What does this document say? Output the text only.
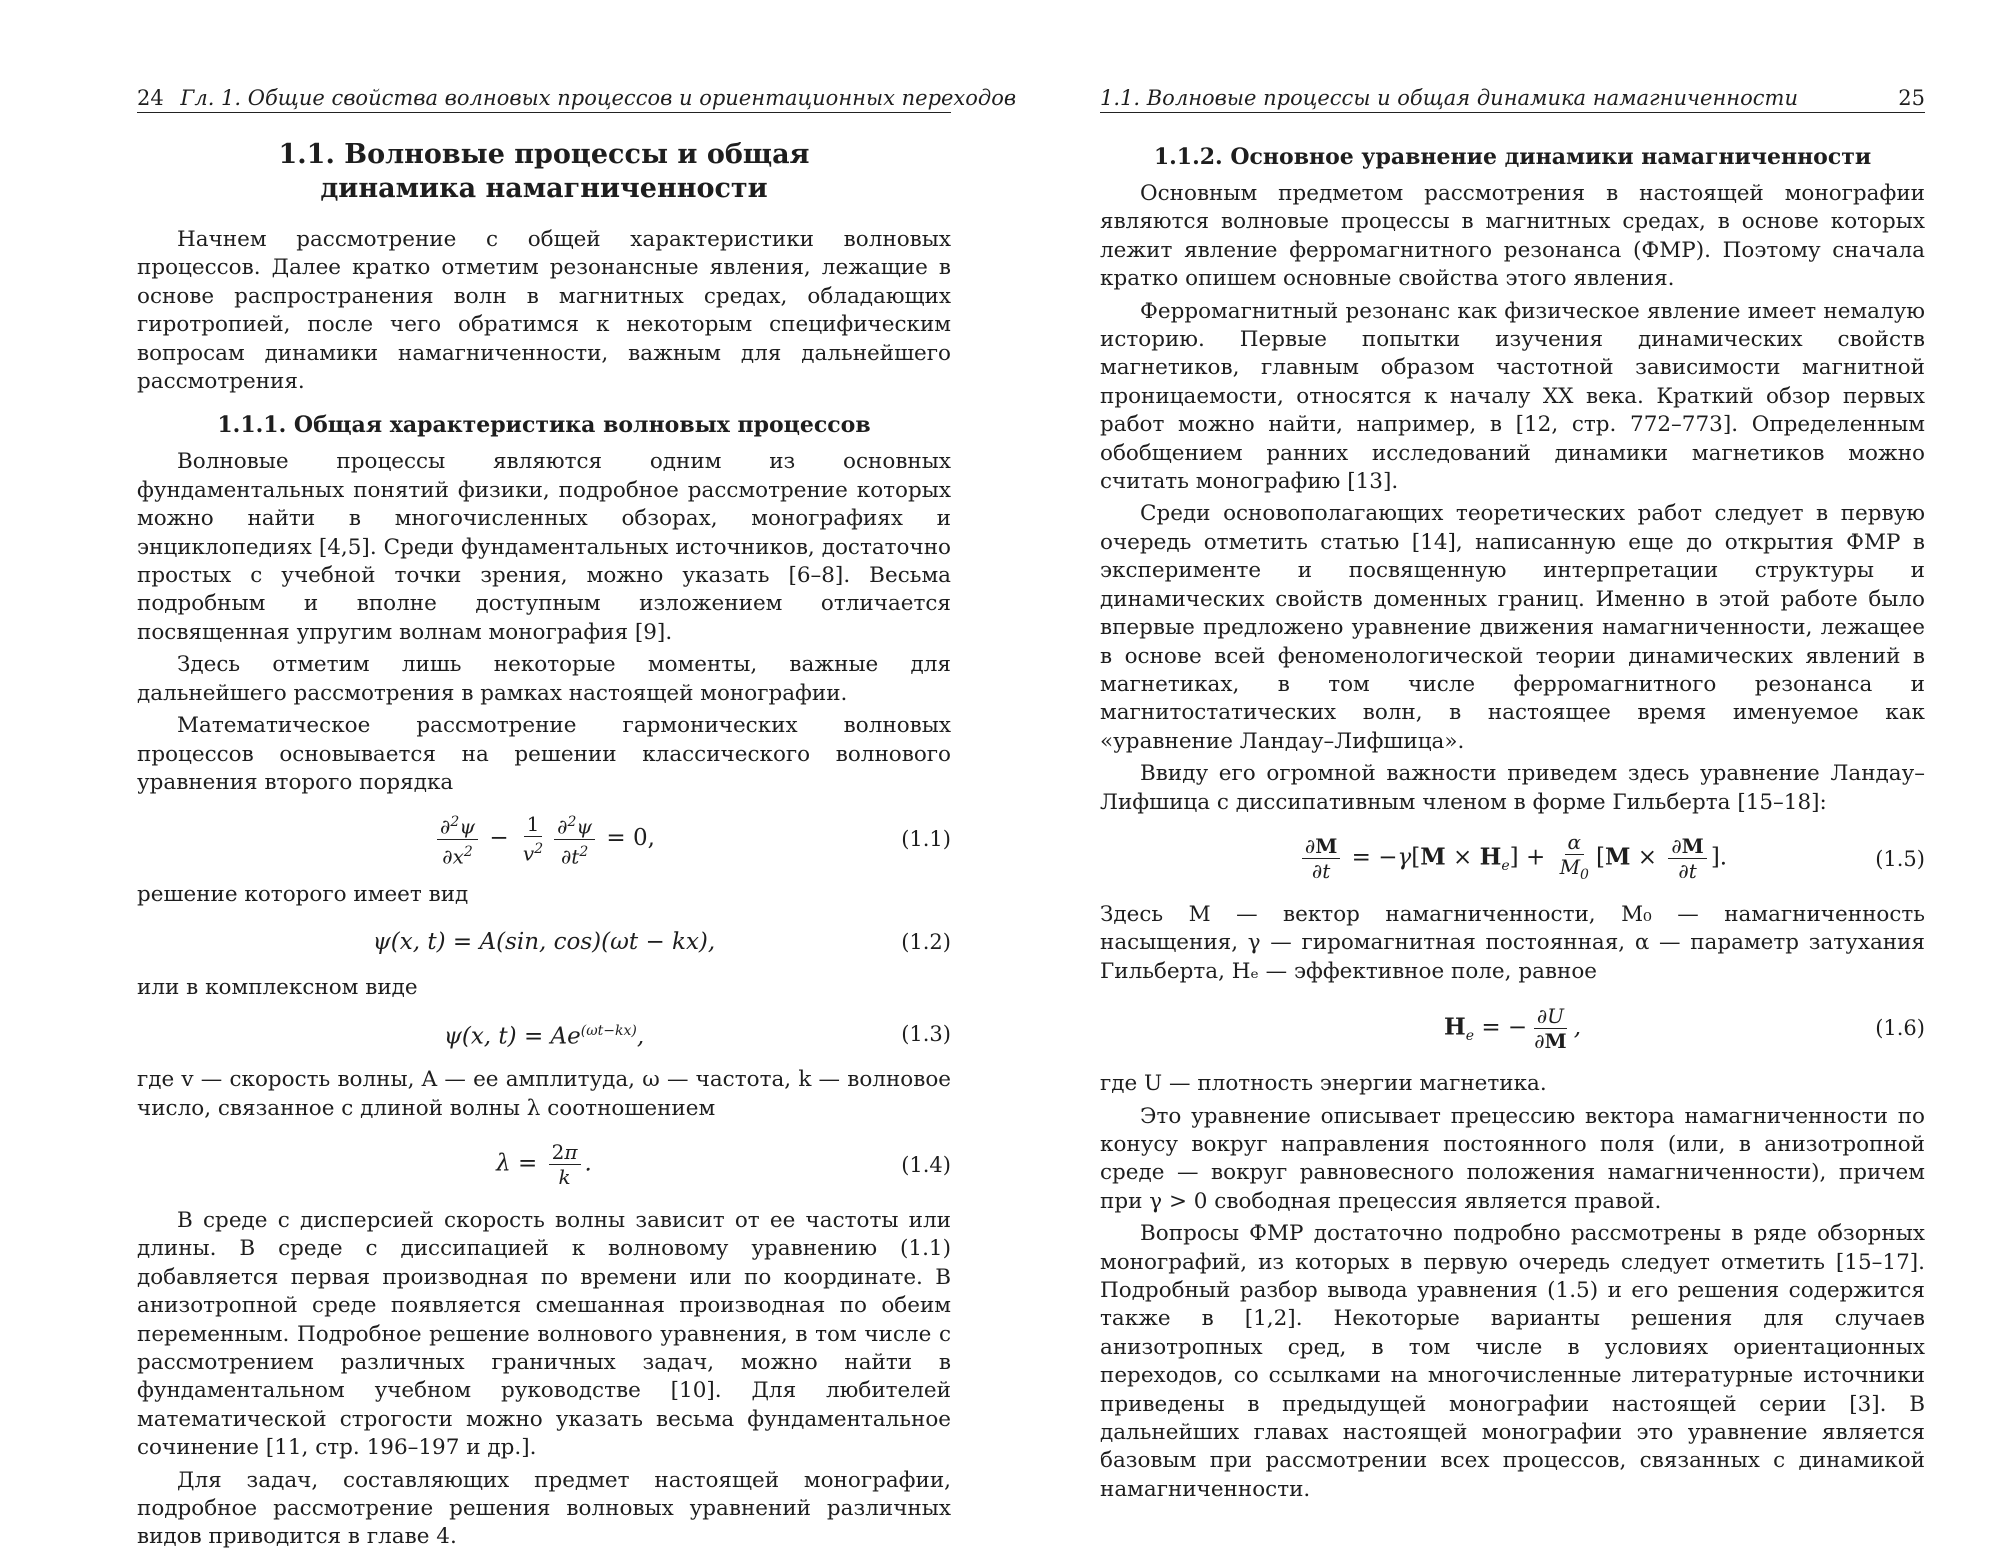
24 Гл. 1. Общие свойства волновых процессов и ориентационных переходов
1.1. Волновые процессы и общая динамика намагниченности

Начнем рассмотрение с общей характеристики волновых процессов. Далее кратко отметим резонансные явления, лежащие в основе распространения волн в магнитных средах, обладающих гиротропией, после чего обратимся к некоторым специфическим вопросам динамики намагниченности, важным для дальнейшего рассмотрения.

1.1.1. Общая характеристика волновых процессов

Волновые процессы являются одним из основных фундаментальных понятий физики, подробное рассмотрение которых можно найти в многочисленных обзорах, монографиях и энциклопедиях [4,5]. Среди фундаментальных источников, достаточно простых с учебной точки зрения, можно указать [6–8]. Весьма подробным и вполне доступным изложением отличается посвященная упругим волнам монография [9].

Здесь отметим лишь некоторые моменты, важные для дальнейшего рассмотрения в рамках настоящей монографии.

Математическое рассмотрение гармонических волновых процессов основывается на решении классического волнового уравнения второго порядка

$\frac{\partial^2\psi}{\partial x^2} - \frac{1}{v^2} \frac{\partial^2\psi}{\partial t^2} = 0$,	(1.1)

решение которого имеет вид

ψ(x, t) = A(sin, cos)(ωt − kx),	(1.2)

или в комплексном виде

ψ(x, $t) = Ae^{(\omega t-kx)}$,	(1.3)

где v — скорость волны, A — ее амплитуда, ω — частота, k — волновое число, связанное с длиной волны λ соотношением

$\lambda = \frac{2\pi}{k}$ .	(1.4)

В среде с дисперсией скорость волны зависит от ее частоты или длины. В среде с диссипацией к волновому уравнению (1.1) добавляется первая производная по времени или по координате. В анизотропной среде появляется смешанная производная по обеим переменным. Подробное решение волнового уравнения, в том числе с рассмотрением различных граничных задач, можно найти в фундаментальном учебном руководстве [10]. Для любителей математической строгости можно указать весьма фундаментальное сочинение [11, стр. 196–197 и др.].

Для задач, составляющих предмет настоящей монографии, подробное рассмотрение решения волновых уравнений различных видов приводится в главе 4.

1.1. Волновые процессы и общая динамика намагниченности	25
1.1.2. Основное уравнение динамики намагниченности

Основным предметом рассмотрения в настоящей монографии являются волновые процессы в магнитных средах, в основе которых лежит явление ферромагнитного резонанса (ФМР). Поэтому сначала кратко опишем основные свойства этого явления.

Ферромагнитный резонанс как физическое явление имеет немалую историю. Первые попытки изучения динамических свойств магнетиков, главным образом частотной зависимости магнитной проницаемости, относятся к началу XX века. Краткий обзор первых работ можно найти, например, в [12, стр. 772–773]. Определенным обобщением ранних исследований динамики магнетиков можно считать монографию [13].

Среди основополагающих теоретических работ следует в первую очередь отметить статью [14], написанную еще до открытия ФМР в эксперименте и посвященную интерпретации структуры и динамических свойств доменных границ. Именно в этой работе было впервые предложено уравнение движения намагниченности, лежащее в основе всей феноменологической теории динамических явлений в магнетиках, в том числе ферромагнитного резонанса и магнитостатических волн, в настоящее время именуемое как «уравнение Ландау–Лифшица».

Ввиду его огромной важности приведем здесь уравнение Ландау–Лифшица с диссипативным членом в форме Гильберта [15–18]:

$\frac{\partial M}{\partial t} = -\gamma[M \times H_e] + \frac{\alpha}{M_0} [M \times \frac{\partial M}{\partial t}$ ].	(1.5)

Здесь M — вектор намагниченности, M₀ — намагниченность насыщения, γ — гиромагнитная постоянная, α — параметр затухания Гильберта, Hₑ — эффективное поле, равное

$H_e$ = − $\frac{\partial U}{\partial M}$ ,	(1.6)

где U — плотность энергии магнетика.

Это уравнение описывает прецессию вектора намагниченности по конусу вокруг направления постоянного поля (или, в анизотропной среде — вокруг равновесного положения намагниченности), причем при γ > 0 свободная прецессия является правой.

Вопросы ФМР достаточно подробно рассмотрены в ряде обзорных монографий, из которых в первую очередь следует отметить [15–17]. Подробный разбор вывода уравнения (1.5) и его решения содержится также в [1,2]. Некоторые варианты решения для случаев анизотропных сред, в том числе в условиях ориентационных переходов, со ссылками на многочисленные литературные источники приведены в предыдущей монографии настоящей серии [3]. В дальнейших главах настоящей монографии это уравнение является базовым при рассмотрении всех процессов, связанных с динамикой намагниченности.
